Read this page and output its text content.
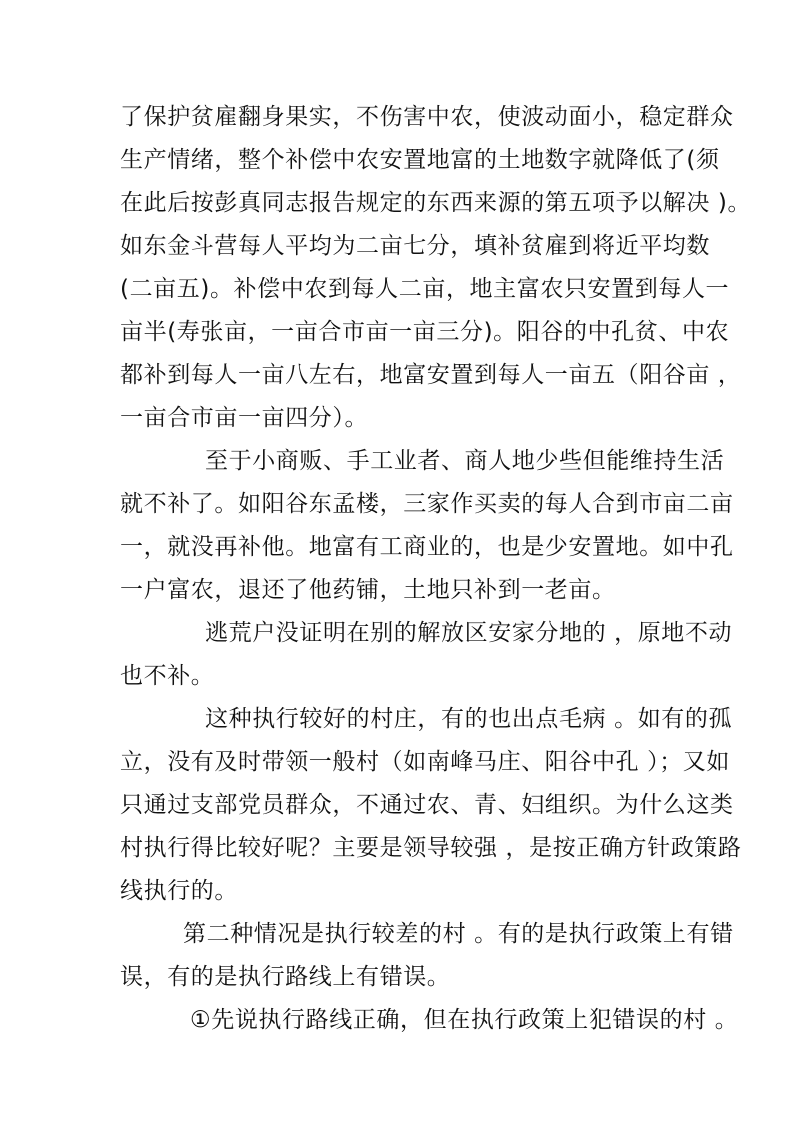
了保护贫雇翻身果实，不伤害中农，使波动面小，稳定群众
生产情绪，整个补偿中农安置地富的土地数字就降低了(须
在此后按彭真同志报告规定的东西来源的第五项予以解决 )。
如东金斗营每人平均为二亩七分，填补贫雇到将近平均数
(二亩五)。补偿中农到每人二亩，地主富农只安置到每人一
亩半(寿张亩，一亩合市亩一亩三分)。阳谷的中孔贫、中农
都补到每人一亩八左右，地富安置到每人一亩五（阳谷亩 ，
一亩合市亩一亩四分）。
至于小商贩、手工业者、商人地少些但能维持生活
就不补了。如阳谷东孟楼，三家作买卖的每人合到市亩二亩
一，就没再补他。地富有工商业的，也是少安置地。如中孔
一户富农，退还了他药铺，土地只补到一老亩。
逃荒户没证明在别的解放区安家分地的 ，原地不动
也不补。
这种执行较好的村庄，有的也出点毛病 。如有的孤
立，没有及时带领一般村（如南峰马庄、阳谷中孔 ）；又如
只通过支部党员群众，不通过农、青、妇组织。为什么这类
村执行得比较好呢？主要是领导较强 ，是按正确方针政策路
线执行的。
第二种情况是执行较差的村 。有的是执行政策上有错
误，有的是执行路线上有错误。
①先说执行路线正确，但在执行政策上犯错误的村 。
